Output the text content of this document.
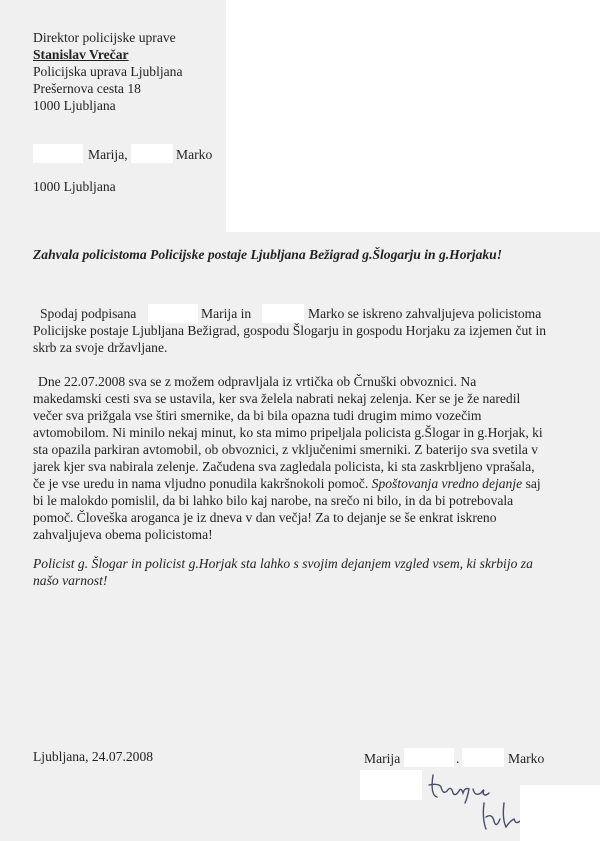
Direktor policijske uprave
Stanislav Vrečar
Policijska uprava Ljubljana
Prešernova cesta 18
1000 Ljubljana
Marija,	Marko
1000 Ljubljana
Zahvala policistoma Policijske postaje Ljubljana Bežigrad g.Šlogarju in g.Horjaku!
Spodaj podpisana	Marija in	Marko se iskreno zahvaljujeva policistoma
Policijske postaje Ljubljana Bežigrad, gospodu Šlogarju in gospodu Horjaku za izjemen čut in
skrb za svoje državljane.
Dne 22.07.2008 sva se z možem odpravljala iz vrtička ob Črnuški obvoznici. Na
makedamski cesti sva se ustavila, ker sva želela nabrati nekaj zelenja. Ker se je že naredil
večer sva prižgala vse štiri smernike, da bi bila opazna tudi drugim mimo vozečim
avtomobilom. Ni minilo nekaj minut, ko sta mimo pripeljala policista g.Šlogar in g.Horjak, ki
sta opazila parkiran avtomobil, ob obvoznici, z vključenimi smerniki. Z baterijo sva svetila v
jarek kjer sva nabirala zelenje. Začudena sva zagledala policista, ki sta zaskrbljeno vprašala,
če je vse uredu in nama vljudno ponudila kakršnokoli pomoč. Spoštovanja vredno dejanje saj
bi le malokdo pomislil, da bi lahko bilo kaj narobe, na srečo ni bilo, in da bi potrebovala
pomoč. Človeška aroganca je iz dneva v dan večja! Za to dejanje se še enkrat iskreno
zahvaljujeva obema policistoma!
Policist g. Šlogar in policist g.Horjak sta lahko s svojim dejanjem vzgled vsem, ki skrbijo za
našo varnost!
Ljubljana, 24.07.2008	Marija	.	Marko
